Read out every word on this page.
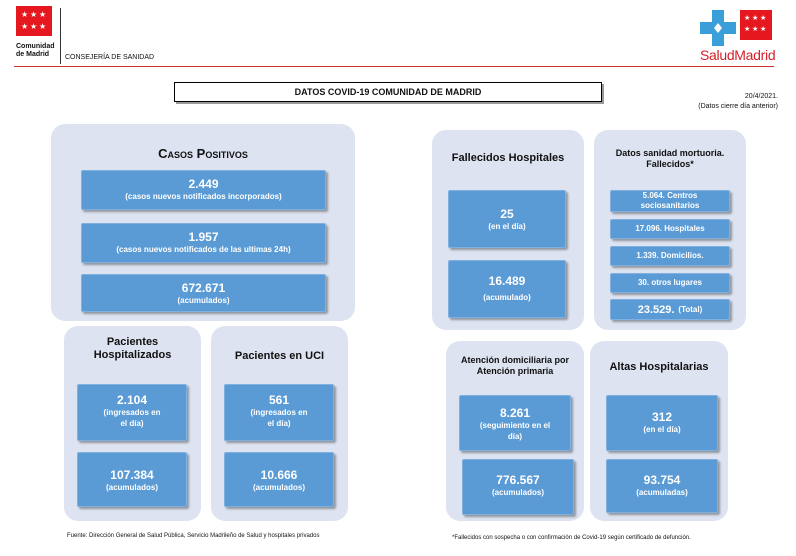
★ ★ ★
★ ★ ★
Comunidad
de Madrid	CONSEJERÍA DE SANIDAD
★ ★ ★
★ ★ ★
SaludMadrid
DATOS COVID-19 COMUNIDAD DE MADRID	20/4/2021.
(Datos cierre día anterior)
Casos Positivos
2.449
(casos nuevos notificados incorporados)
1.957
(casos nuevos notificados de las ultimas 24h)
672.671
(acumulados)
Pacientes
Hospitalizados
2.104
(ingresados en
el día)
107.384
(acumulados)
Pacientes en UCI
561
(ingresados en
el día)
10.666
(acumulados)
Fallecidos Hospitales
25
(en el día)
16.489
(acumulado)
Datos sanidad mortuoria.
Fallecidos*
5.064. Centros
sociosanitarios
17.096. Hospitales
1.339. Domicilios.
30. otros lugares
23.529. (Total)
Atención domiciliaria por
Atención primaria
8.261
(seguimiento en el
día)
776.567
(acumulados)
Altas Hospitalarias
312
(en el día)
93.754
(acumuladas)
Fuente: Dirección General de Salud Pública, Servicio Madrileño de Salud y hospitales privados	*Fallecidos con sospecha o con confirmación de Covid-19 según certificado de defunción.
